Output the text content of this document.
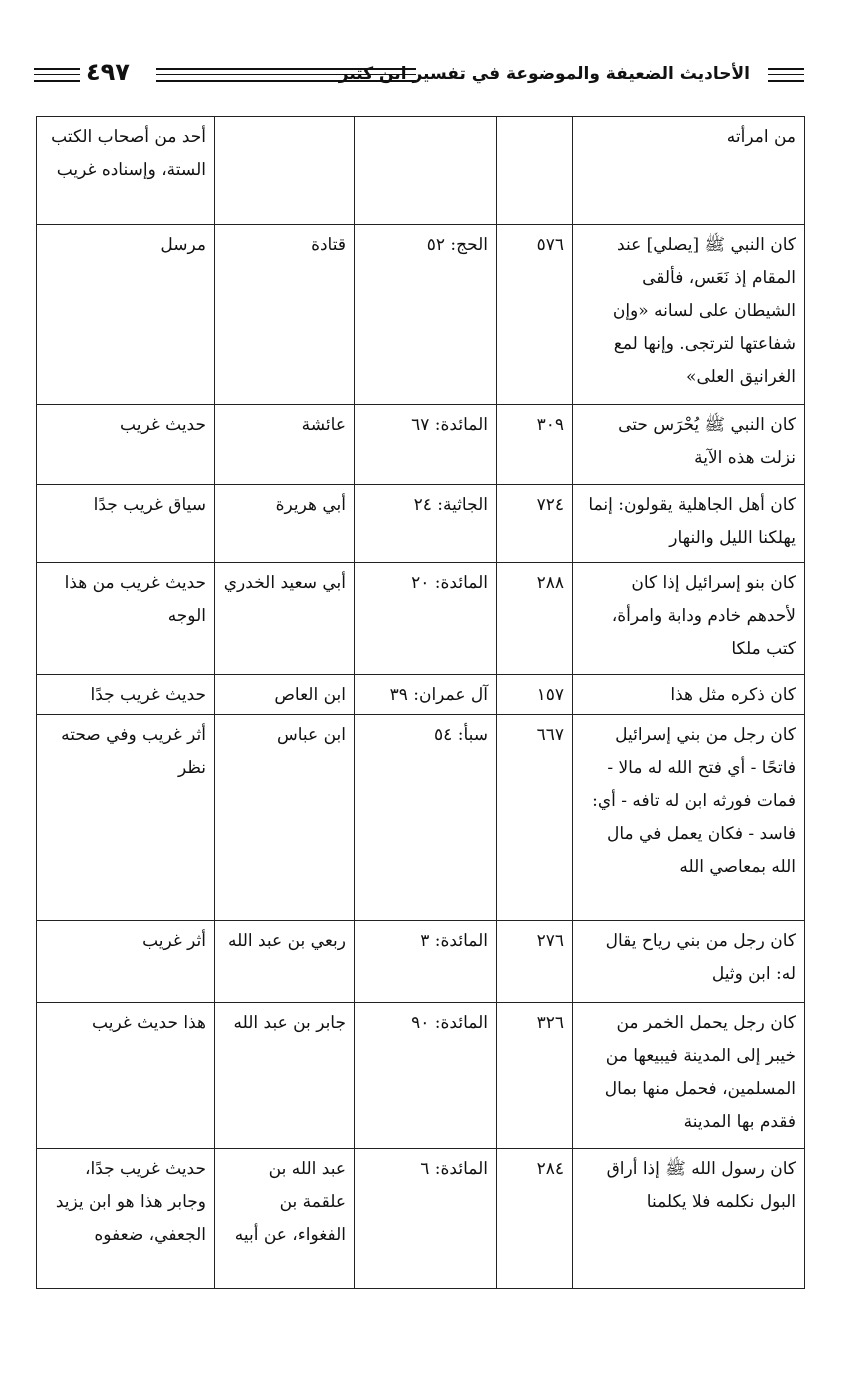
الأحاديث الضعيفة والموضوعة في تفسير ابن كثير
٤٩٧
من امرأته				أحد من أصحاب الكتب الستة، وإسناده غريب
كان النبي ﷺ [يصلي] عند المقام إذ نَعَس، فألقى الشيطان على لسانه «وإن شفاعتها لترتجى. وإنها لمع الغرانيق العلى»	٥٧٦	الحج: ٥٢	قتادة	مرسل
كان النبي ﷺ يُحْرَس حتى نزلت هذه الآية	٣٠٩	المائدة: ٦٧	عائشة	حديث غريب
كان أهل الجاهلية يقولون: إنما يهلكنا الليل والنهار	٧٢٤	الجاثية: ٢٤	أبي هريرة	سياق غريب جدًا
كان بنو إسرائيل إذا كان لأحدهم خادم ودابة وامرأة، كتب ملكا	٢٨٨	المائدة: ٢٠	أبي سعيد الخدري	حديث غريب من هذا الوجه
كان ذكره مثل هذا	١٥٧	آل عمران: ٣٩	ابن العاص	حديث غريب جدًا
كان رجل من بني إسرائيل فاتحًا - أي فتح الله له مالا - فمات فورثه ابن له تافه - أي: فاسد - فكان يعمل في مال الله بمعاصي الله	٦٦٧	سبأ: ٥٤	ابن عباس	أثر غريب وفي صحته نظر
كان رجل من بني رياح يقال له: ابن وثيل	٢٧٦	المائدة: ٣	ربعي بن عبد الله	أثر غريب
كان رجل يحمل الخمر من خيبر إلى المدينة فيبيعها من المسلمين، فحمل منها بمال فقدم بها المدينة	٣٢٦	المائدة: ٩٠	جابر بن عبد الله	هذا حديث غريب
كان رسول الله ﷺ إذا أراق البول نكلمه فلا يكلمنا	٢٨٤	المائدة: ٦	عبد الله بن علقمة بن الفغواء، عن أبيه	حديث غريب جدًا، وجابر هذا هو ابن يزيد الجعفي، ضعفوه
